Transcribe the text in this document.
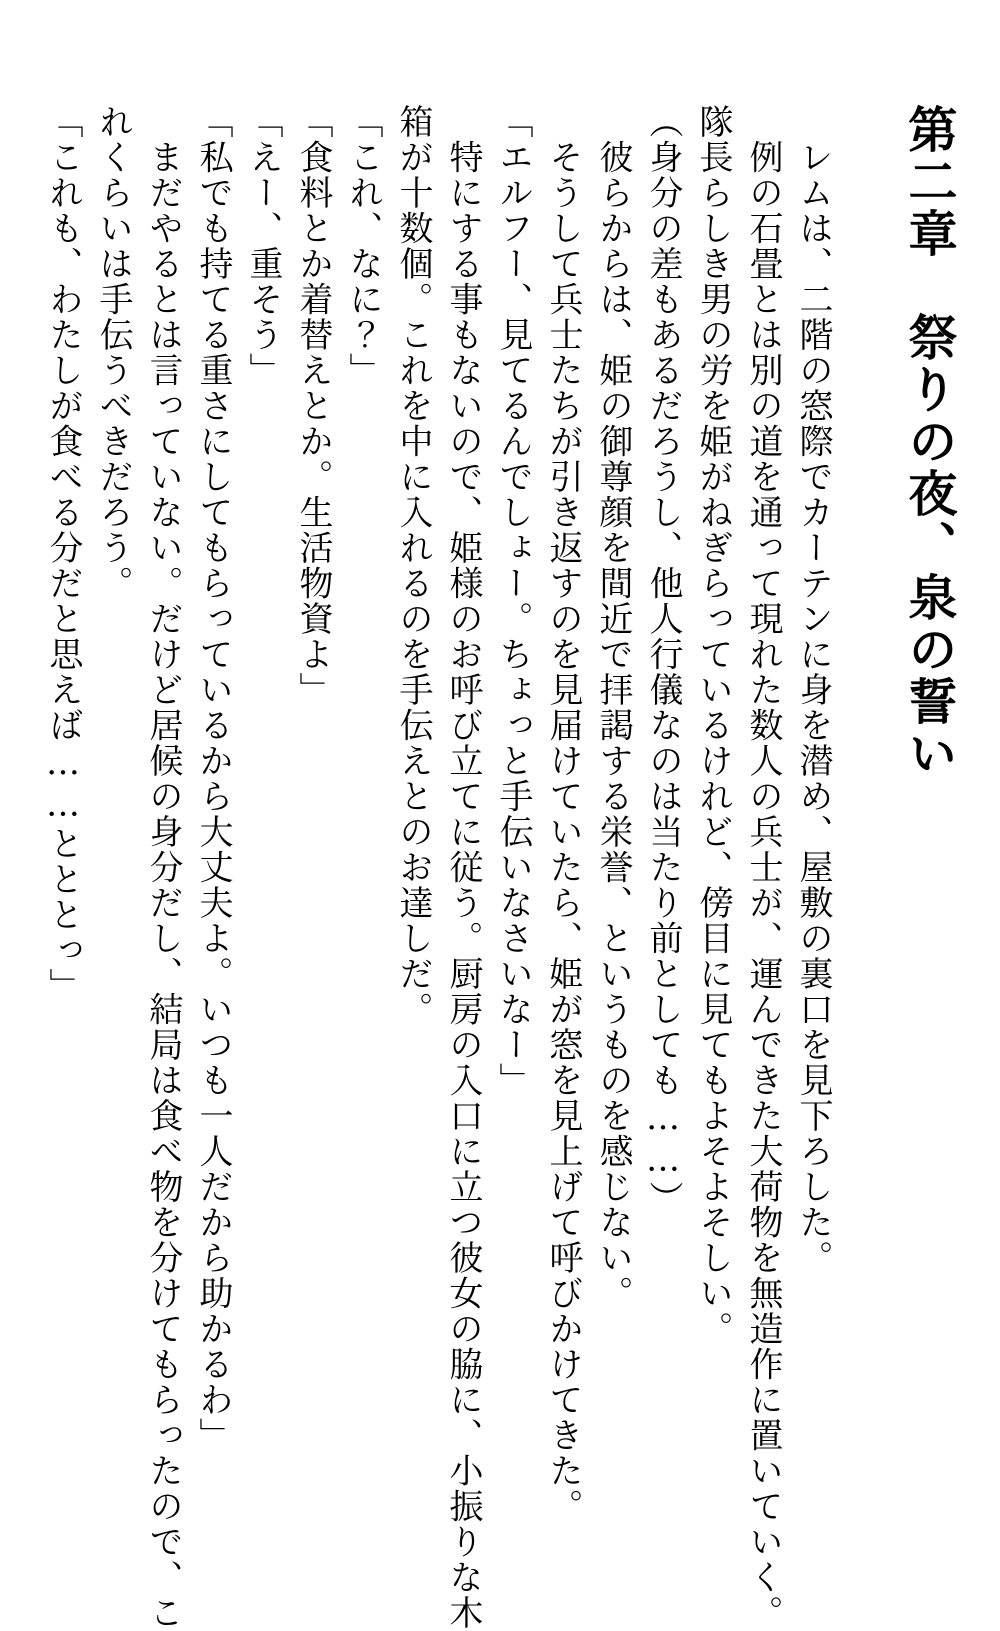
第二章　祭りの夜、泉の誓い
　レムは、二階の窓際でカーテンに身を潜め、屋敷の裏口を見下ろした。
　例の石畳とは別の道を通って現れた数人の兵士が、運んできた大荷物を無造作に置いていく。
隊長らしき男の労を姫がねぎらっているけれど、傍目に見てもよそよそしい。
（身分の差もあるだろうし、他人行儀なのは当たり前としても……）
　彼らからは、姫の御尊顔を間近で拝謁する栄誉、というものを感じない。
　そうして兵士たちが引き返すのを見届けていたら、姫が窓を見上げて呼びかけてきた。
「エルフー、見てるんでしょー。ちょっと手伝いなさいなー」
　特にする事もないので、姫様のお呼び立てに従う。厨房の入口に立つ彼女の脇に、小振りな木
箱が十数個。これを中に入れるのを手伝えとのお達しだ。
「これ、なに？」
「食料とか着替えとか。生活物資よ」
「えー、重そう」
「私でも持てる重さにしてもらっているから大丈夫よ。いつも一人だから助かるわ」
　まだやるとは言っていない。だけど居候の身分だし、結局は食べ物を分けてもらったので、こ
れくらいは手伝うべきだろう。
「これも、わたしが食べる分だと思えば……とととっ」
